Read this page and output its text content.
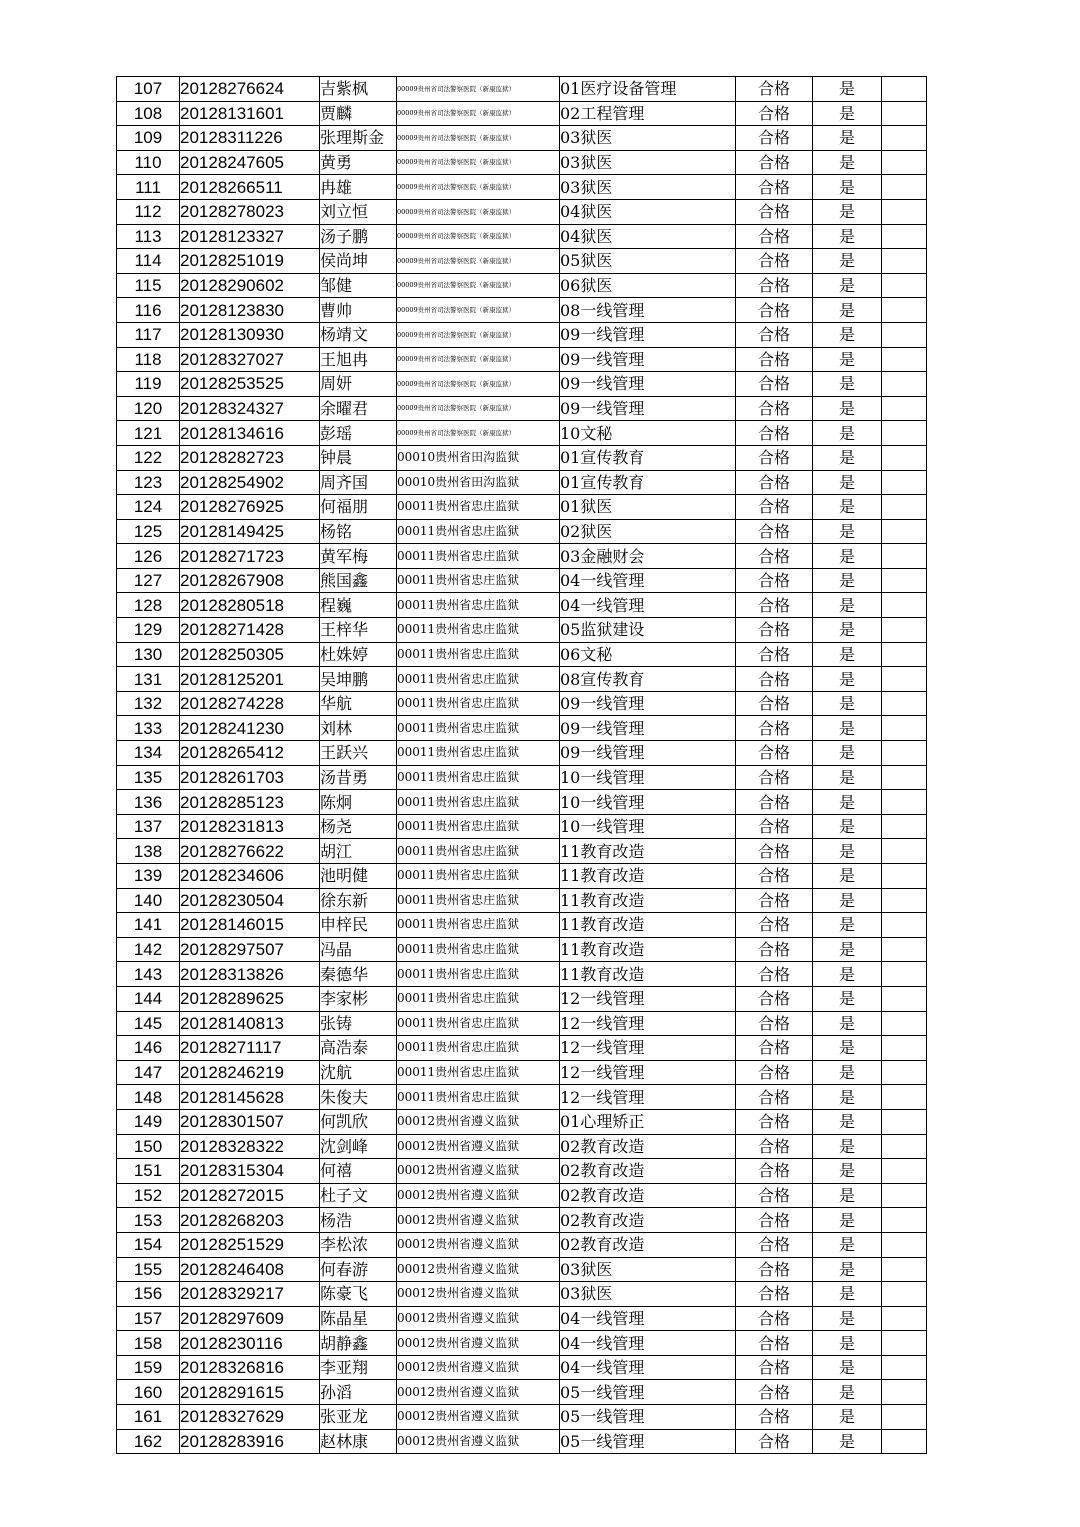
107	20128276624	吉紫枫	00009贵州省司法警察医院（新康监狱）	01医疗设备管理	合格	是	
108	20128131601	贾麟	00009贵州省司法警察医院（新康监狱）	02工程管理	合格	是	
109	20128311226	张理斯金	00009贵州省司法警察医院（新康监狱）	03狱医	合格	是	
110	20128247605	黄勇	00009贵州省司法警察医院（新康监狱）	03狱医	合格	是	
111	20128266511	冉雄	00009贵州省司法警察医院（新康监狱）	03狱医	合格	是	
112	20128278023	刘立恒	00009贵州省司法警察医院（新康监狱）	04狱医	合格	是	
113	20128123327	汤子鹏	00009贵州省司法警察医院（新康监狱）	04狱医	合格	是	
114	20128251019	侯尚坤	00009贵州省司法警察医院（新康监狱）	05狱医	合格	是	
115	20128290602	邹健	00009贵州省司法警察医院（新康监狱）	06狱医	合格	是	
116	20128123830	曹帅	00009贵州省司法警察医院（新康监狱）	08一线管理	合格	是	
117	20128130930	杨靖文	00009贵州省司法警察医院（新康监狱）	09一线管理	合格	是	
118	20128327027	王旭冉	00009贵州省司法警察医院（新康监狱）	09一线管理	合格	是	
119	20128253525	周妍	00009贵州省司法警察医院（新康监狱）	09一线管理	合格	是	
120	20128324327	余曜君	00009贵州省司法警察医院（新康监狱）	09一线管理	合格	是	
121	20128134616	彭瑶	00009贵州省司法警察医院（新康监狱）	10文秘	合格	是	
122	20128282723	钟晨	00010贵州省田沟监狱	01宣传教育	合格	是	
123	20128254902	周齐国	00010贵州省田沟监狱	01宣传教育	合格	是	
124	20128276925	何福朋	00011贵州省忠庄监狱	01狱医	合格	是	
125	20128149425	杨铭	00011贵州省忠庄监狱	02狱医	合格	是	
126	20128271723	黄军梅	00011贵州省忠庄监狱	03金融财会	合格	是	
127	20128267908	熊国鑫	00011贵州省忠庄监狱	04一线管理	合格	是	
128	20128280518	程巍	00011贵州省忠庄监狱	04一线管理	合格	是	
129	20128271428	王梓华	00011贵州省忠庄监狱	05监狱建设	合格	是	
130	20128250305	杜姝婷	00011贵州省忠庄监狱	06文秘	合格	是	
131	20128125201	吴坤鹏	00011贵州省忠庄监狱	08宣传教育	合格	是	
132	20128274228	华航	00011贵州省忠庄监狱	09一线管理	合格	是	
133	20128241230	刘林	00011贵州省忠庄监狱	09一线管理	合格	是	
134	20128265412	王跃兴	00011贵州省忠庄监狱	09一线管理	合格	是	
135	20128261703	汤昔勇	00011贵州省忠庄监狱	10一线管理	合格	是	
136	20128285123	陈炯	00011贵州省忠庄监狱	10一线管理	合格	是	
137	20128231813	杨尧	00011贵州省忠庄监狱	10一线管理	合格	是	
138	20128276622	胡江	00011贵州省忠庄监狱	11教育改造	合格	是	
139	20128234606	池明健	00011贵州省忠庄监狱	11教育改造	合格	是	
140	20128230504	徐东新	00011贵州省忠庄监狱	11教育改造	合格	是	
141	20128146015	申梓民	00011贵州省忠庄监狱	11教育改造	合格	是	
142	20128297507	冯晶	00011贵州省忠庄监狱	11教育改造	合格	是	
143	20128313826	秦德华	00011贵州省忠庄监狱	11教育改造	合格	是	
144	20128289625	李家彬	00011贵州省忠庄监狱	12一线管理	合格	是	
145	20128140813	张铸	00011贵州省忠庄监狱	12一线管理	合格	是	
146	20128271117	高浩泰	00011贵州省忠庄监狱	12一线管理	合格	是	
147	20128246219	沈航	00011贵州省忠庄监狱	12一线管理	合格	是	
148	20128145628	朱俊夫	00011贵州省忠庄监狱	12一线管理	合格	是	
149	20128301507	何凯欣	00012贵州省遵义监狱	01心理矫正	合格	是	
150	20128328322	沈剑峰	00012贵州省遵义监狱	02教育改造	合格	是	
151	20128315304	何禧	00012贵州省遵义监狱	02教育改造	合格	是	
152	20128272015	杜子文	00012贵州省遵义监狱	02教育改造	合格	是	
153	20128268203	杨浩	00012贵州省遵义监狱	02教育改造	合格	是	
154	20128251529	李松浓	00012贵州省遵义监狱	02教育改造	合格	是	
155	20128246408	何春游	00012贵州省遵义监狱	03狱医	合格	是	
156	20128329217	陈豪飞	00012贵州省遵义监狱	03狱医	合格	是	
157	20128297609	陈晶星	00012贵州省遵义监狱	04一线管理	合格	是	
158	20128230116	胡静鑫	00012贵州省遵义监狱	04一线管理	合格	是	
159	20128326816	李亚翔	00012贵州省遵义监狱	04一线管理	合格	是	
160	20128291615	孙滔	00012贵州省遵义监狱	05一线管理	合格	是	
161	20128327629	张亚龙	00012贵州省遵义监狱	05一线管理	合格	是	
162	20128283916	赵林康	00012贵州省遵义监狱	05一线管理	合格	是	
